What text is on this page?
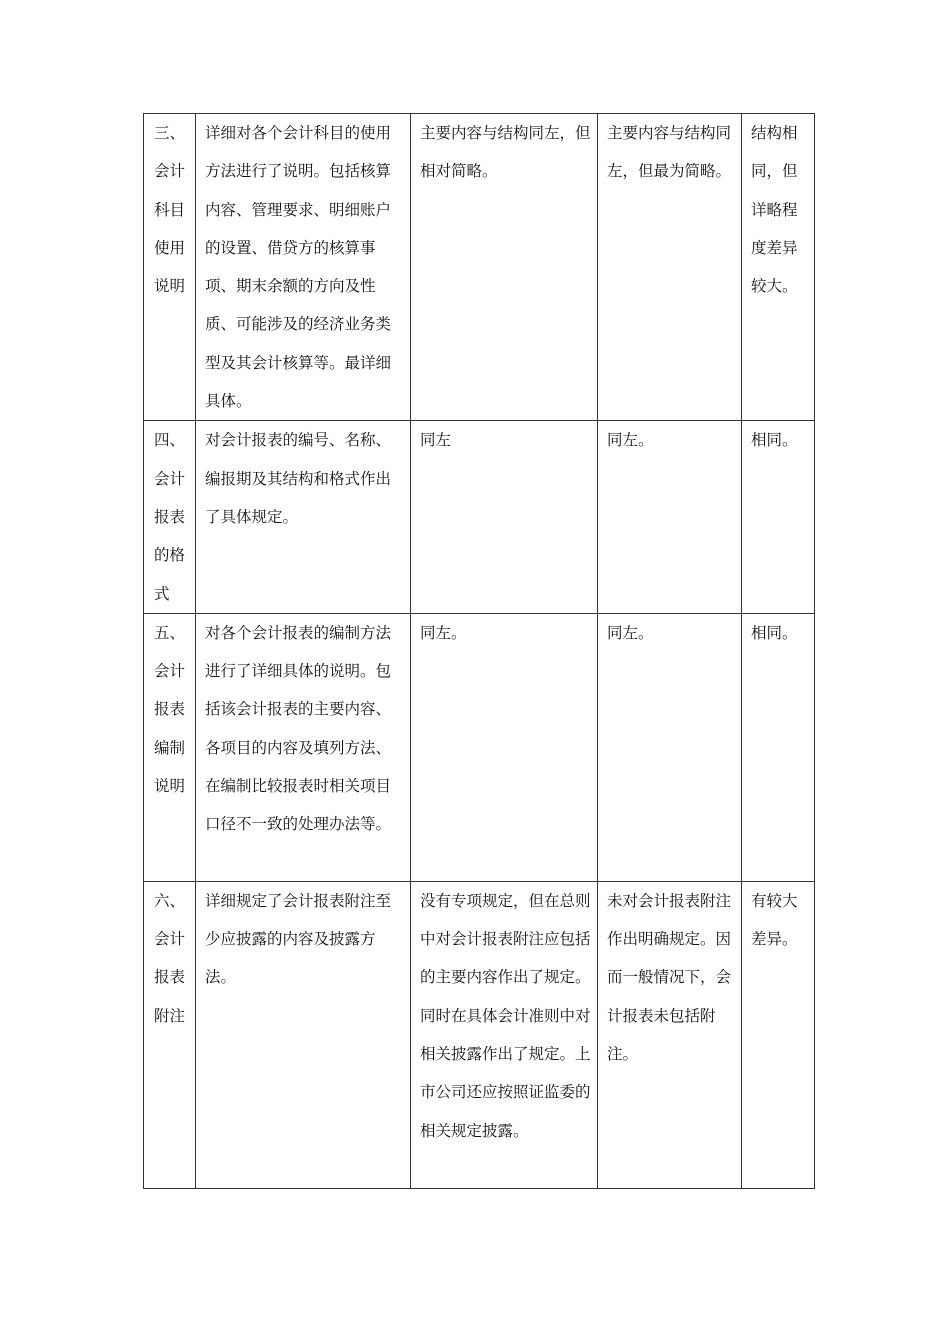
三、会计科目使用说明	详细对各个会计科目的使用方法进行了说明。包括核算内容、管理要求、明细账户的设置、借贷方的核算事项、期末余额的方向及性质、可能涉及的经济业务类型及其会计核算等。最详细具体。	主要内容与结构同左，但相对简略。	主要内容与结构同左，但最为简略。	结构相同，但详略程度差异较大。
四、会计报表的格式	对会计报表的编号、名称、编报期及其结构和格式作出了具体规定。	同左	同左。	相同。
五、会计报表编制说明	对各个会计报表的编制方法进行了详细具体的说明。包括该会计报表的主要内容、各项目的内容及填列方法、在编制比较报表时相关项目口径不一致的处理办法等。	同左。	同左。	相同。
六、会计报表附注	详细规定了会计报表附注至少应披露的内容及披露方法。	没有专项规定，但在总则中对会计报表附注应包括的主要内容作出了规定。同时在具体会计准则中对相关披露作出了规定。上市公司还应按照证监委的相关规定披露。	未对会计报表附注作出明确规定。因而一般情况下，会计报表未包括附注。	有较大差异。
